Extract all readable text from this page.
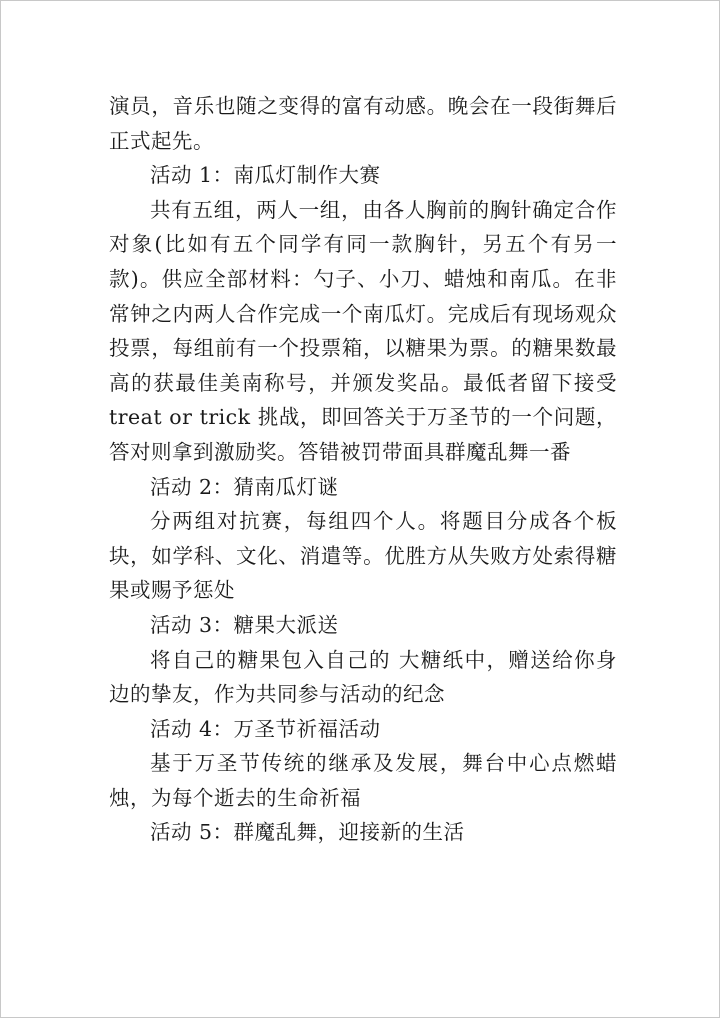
演员，音乐也随之变得的富有动感。晚会在一段街舞后正式起先。

活动 1：南瓜灯制作大赛

共有五组，两人一组，由各人胸前的胸针确定合作对象(比如有五个同学有同一款胸针，另五个有另一款)。供应全部材料：勺子、小刀、蜡烛和南瓜。在非常钟之内两人合作完成一个南瓜灯。完成后有现场观众投票，每组前有一个投票箱，以糖果为票。的糖果数最高的获最佳美南称号，并颁发奖品。最低者留下接受 treat or trick 挑战，即回答关于万圣节的一个问题，答对则拿到激励奖。答错被罚带面具群魔乱舞一番

活动 2：猜南瓜灯谜

分两组对抗赛，每组四个人。将题目分成各个板块，如学科、文化、消遣等。优胜方从失败方处索得糖果或赐予惩处

活动 3：糖果大派送

将自己的糖果包入自己的 大糖纸中，赠送给你身边的挚友，作为共同参与活动的纪念

活动 4：万圣节祈福活动

基于万圣节传统的继承及发展，舞台中心点燃蜡烛，为每个逝去的生命祈福

活动 5：群魔乱舞，迎接新的生活
